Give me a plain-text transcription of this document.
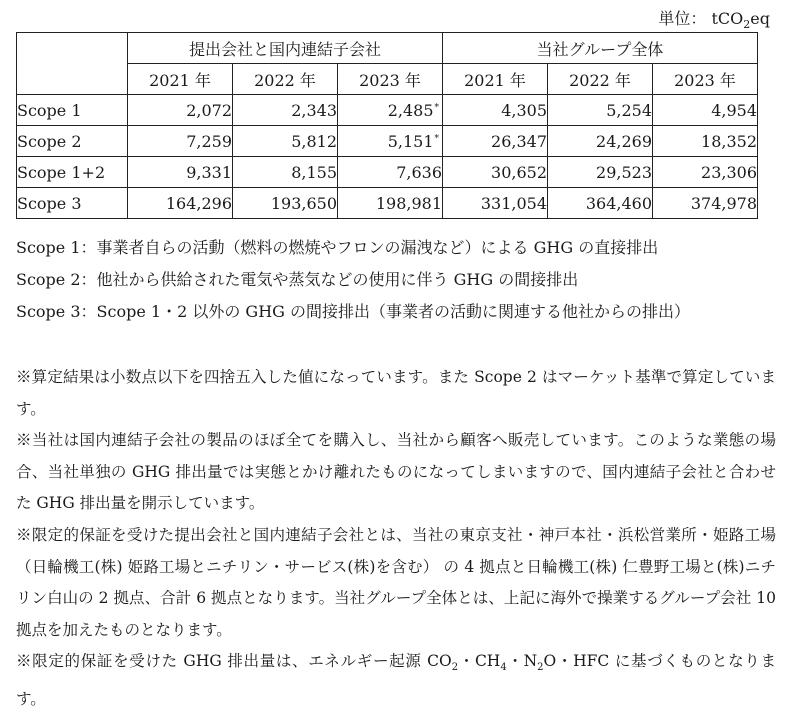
単位： tCO$_2$eq
	提出会社と国内連結子会社			当社グループ全体		
	2021 年	2022 年	2023 年	2021 年	2022 年	2023 年
Scope 1	2,072	2,343	2,485*	4,305	5,254	4,954
Scope 2	7,259	5,812	5,151*	26,347	24,269	18,352
Scope 1+2	9,331	8,155	7,636	30,652	29,523	23,306
Scope 3	164,296	193,650	198,981	331,054	364,460	374,978
Scope 1：事業者自らの活動（燃料の燃焼やフロンの漏洩など）による GHG の直接排出
Scope 2：他社から供給された電気や蒸気などの使用に伴う GHG の間接排出
Scope 3：Scope 1・2 以外の GHG の間接排出（事業者の活動に関連する他社からの排出）

※算定結果は小数点以下を四捨五入した値になっています。また Scope 2 はマーケット基準で算定しています。

※当社は国内連結子会社の製品のほぼ全てを購入し、当社から顧客へ販売しています。このような業態の場合、当社単独の GHG 排出量では実態とかけ離れたものになってしまいますので、国内連結子会社と合わせた GHG 排出量を開示しています。

※限定的保証を受けた提出会社と国内連結子会社とは、当社の東京支社・神戸本社・浜松営業所・姫路工場（日輪機工(株) 姫路工場とニチリン・サービス(株)を含む） の 4 拠点と日輪機工(株) 仁豊野工場と(株)ニチリン白山の 2 拠点、合計 6 拠点となります。当社グループ全体とは、上記に海外で操業するグループ会社 10 拠点を加えたものとなります。

※限定的保証を受けた GHG 排出量は、エネルギー起源 $CO_2$・$CH_4$・$N_2O$・HFC に基づくものとなります。
